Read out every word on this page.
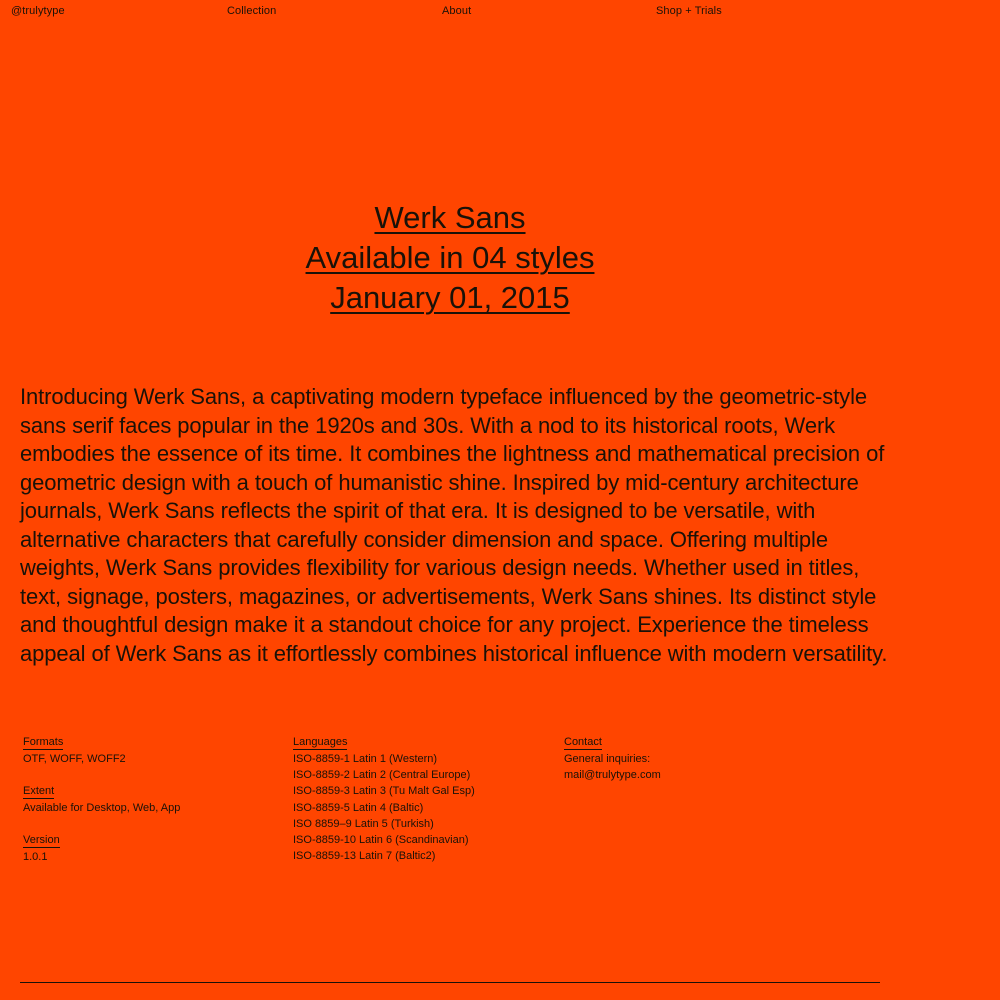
@trulytype	Collection	About	Shop + Trials
Werk Sans
Available in 04 styles
January 01, 2015

Introducing Werk Sans, a captivating modern typeface influenced by the geometric-style sans serif faces popular in the 1920s and 30s. With a nod to its historical roots, Werk embodies the essence of its time. It combines the lightness and mathematical precision of geometric design with a touch of humanistic shine. Inspired by mid-century architecture journals, Werk Sans reflects the spirit of that era. It is designed to be versatile, with alternative characters that carefully consider dimension and space. Offering multiple weights, Werk Sans provides flexibility for various design needs. Whether used in titles, text, signage, posters, magazines, or advertisements, Werk Sans shines. Its distinct style and thoughtful design make it a standout choice for any project. Experience the timeless appeal of Werk Sans as it effortlessly combines historical influence with modern versatility.

Formats
OTF, WOFF, WOFF2
Extent
Available for Desktop, Web, App
Version
1.0.1
Languages
ISO-8859-1 Latin 1 (Western)
ISO-8859-2 Latin 2 (Central Europe)
ISO-8859-3 Latin 3 (Tu Malt Gal Esp)
ISO-8859-5 Latin 4 (Baltic)
ISO 8859–9 Latin 5 (Turkish)
ISO-8859-10 Latin 6 (Scandinavian)
ISO-8859-13 Latin 7 (Baltic2)
Contact
General inquiries:
mail@trulytype.com
